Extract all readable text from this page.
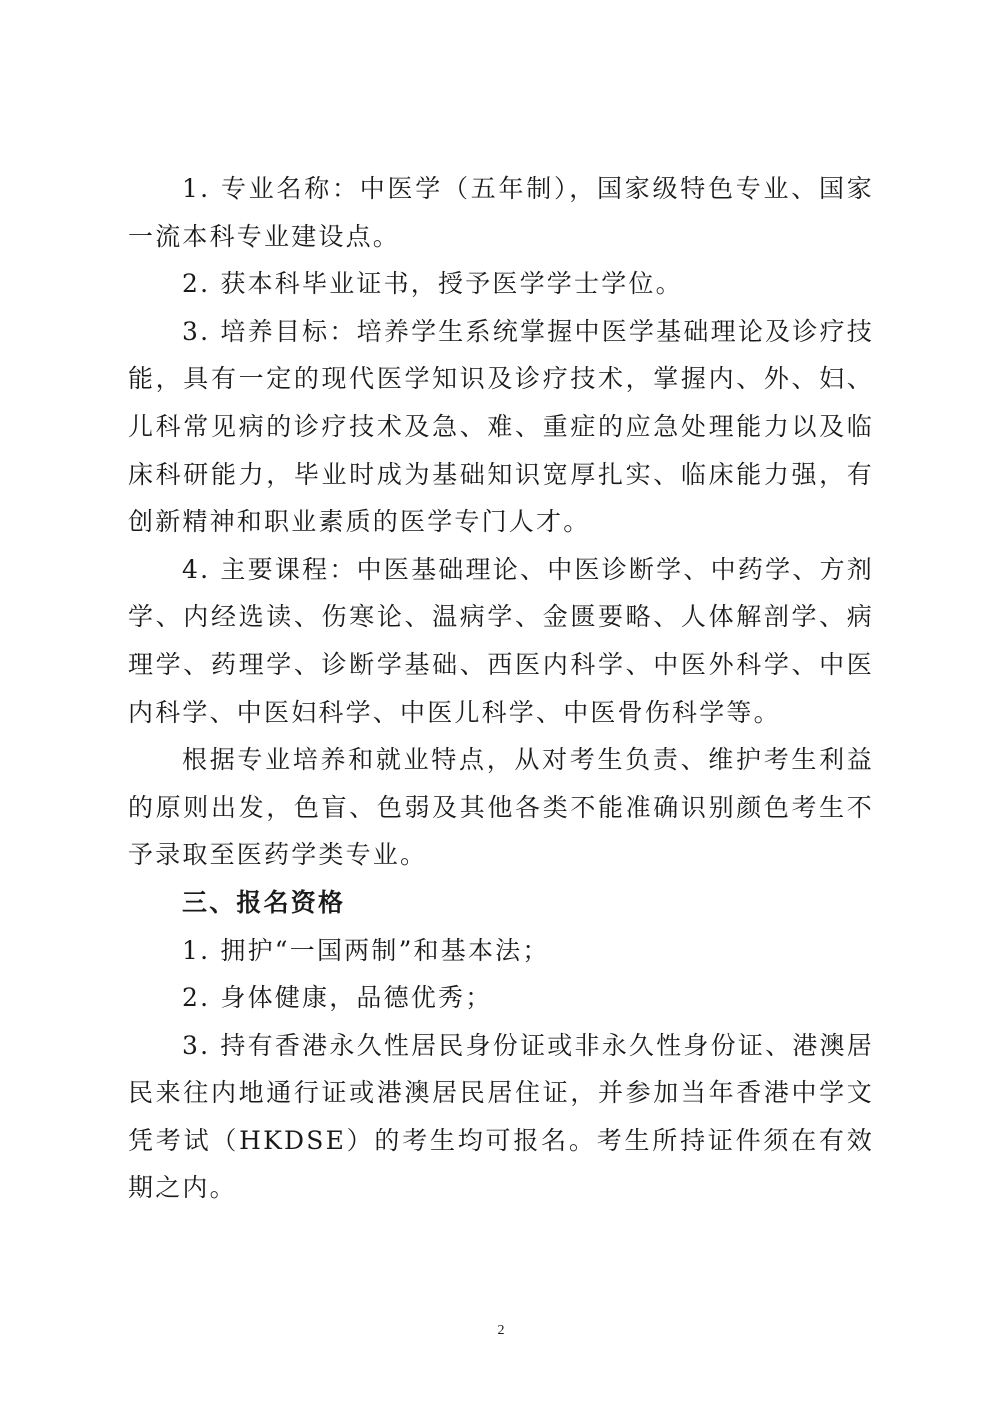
1. 专业名称：中医学（五年制），国家级特色专业、国家一流本科专业建设点。

2. 获本科毕业证书，授予医学学士学位。

3. 培养目标：培养学生系统掌握中医学基础理论及诊疗技能，具有一定的现代医学知识及诊疗技术，掌握内、外、妇、儿科常见病的诊疗技术及急、难、重症的应急处理能力以及临床科研能力，毕业时成为基础知识宽厚扎实、临床能力强，有创新精神和职业素质的医学专门人才。

4. 主要课程：中医基础理论、中医诊断学、中药学、方剂学、内经选读、伤寒论、温病学、金匮要略、人体解剖学、病理学、药理学、诊断学基础、西医内科学、中医外科学、中医内科学、中医妇科学、中医儿科学、中医骨伤科学等。

根据专业培养和就业特点，从对考生负责、维护考生利益的原则出发，色盲、色弱及其他各类不能准确识别颜色考生不予录取至医药学类专业。

三、报名资格

1. 拥护“一国两制”和基本法；

2. 身体健康，品德优秀；

3. 持有香港永久性居民身份证或非永久性身份证、港澳居民来往内地通行证或港澳居民居住证，并参加当年香港中学文凭考试（HKDSE）的考生均可报名。考生所持证件须在有效期之内。

2
